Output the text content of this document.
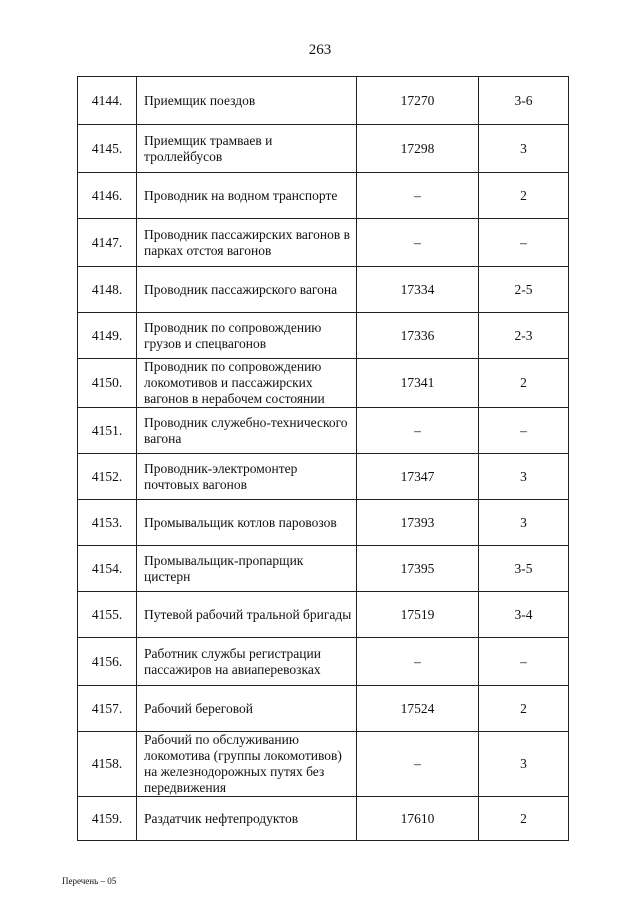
263
4144.	Приемщик поездов	17270	3-6
4145.	Приемщик трамваев и троллейбусов	17298	3
4146.	Проводник на водном транспорте	–	2
4147.	Проводник пассажирских вагонов в парках отстоя вагонов	–	–
4148.	Проводник пассажирского вагона	17334	2-5
4149.	Проводник по сопровождению грузов и спецвагонов	17336	2-3
4150.	Проводник по сопровождению локомотивов и пассажирских вагонов в нерабочем состоянии	17341	2
4151.	Проводник служебно-технического вагона	–	–
4152.	Проводник-электромонтер почтовых вагонов	17347	3
4153.	Промывальщик котлов паровозов	17393	3
4154.	Промывальщик-пропарщик цистерн	17395	3-5
4155.	Путевой рабочий тральной бригады	17519	3-4
4156.	Работник службы регистрации пассажиров на авиаперевозках	–	–
4157.	Рабочий береговой	17524	2
4158.	Рабочий по обслуживанию локомотива (группы локомотивов) на железнодорожных путях без передвижения	–	3
4159.	Раздатчик нефтепродуктов	17610	2
Перечень – 05
